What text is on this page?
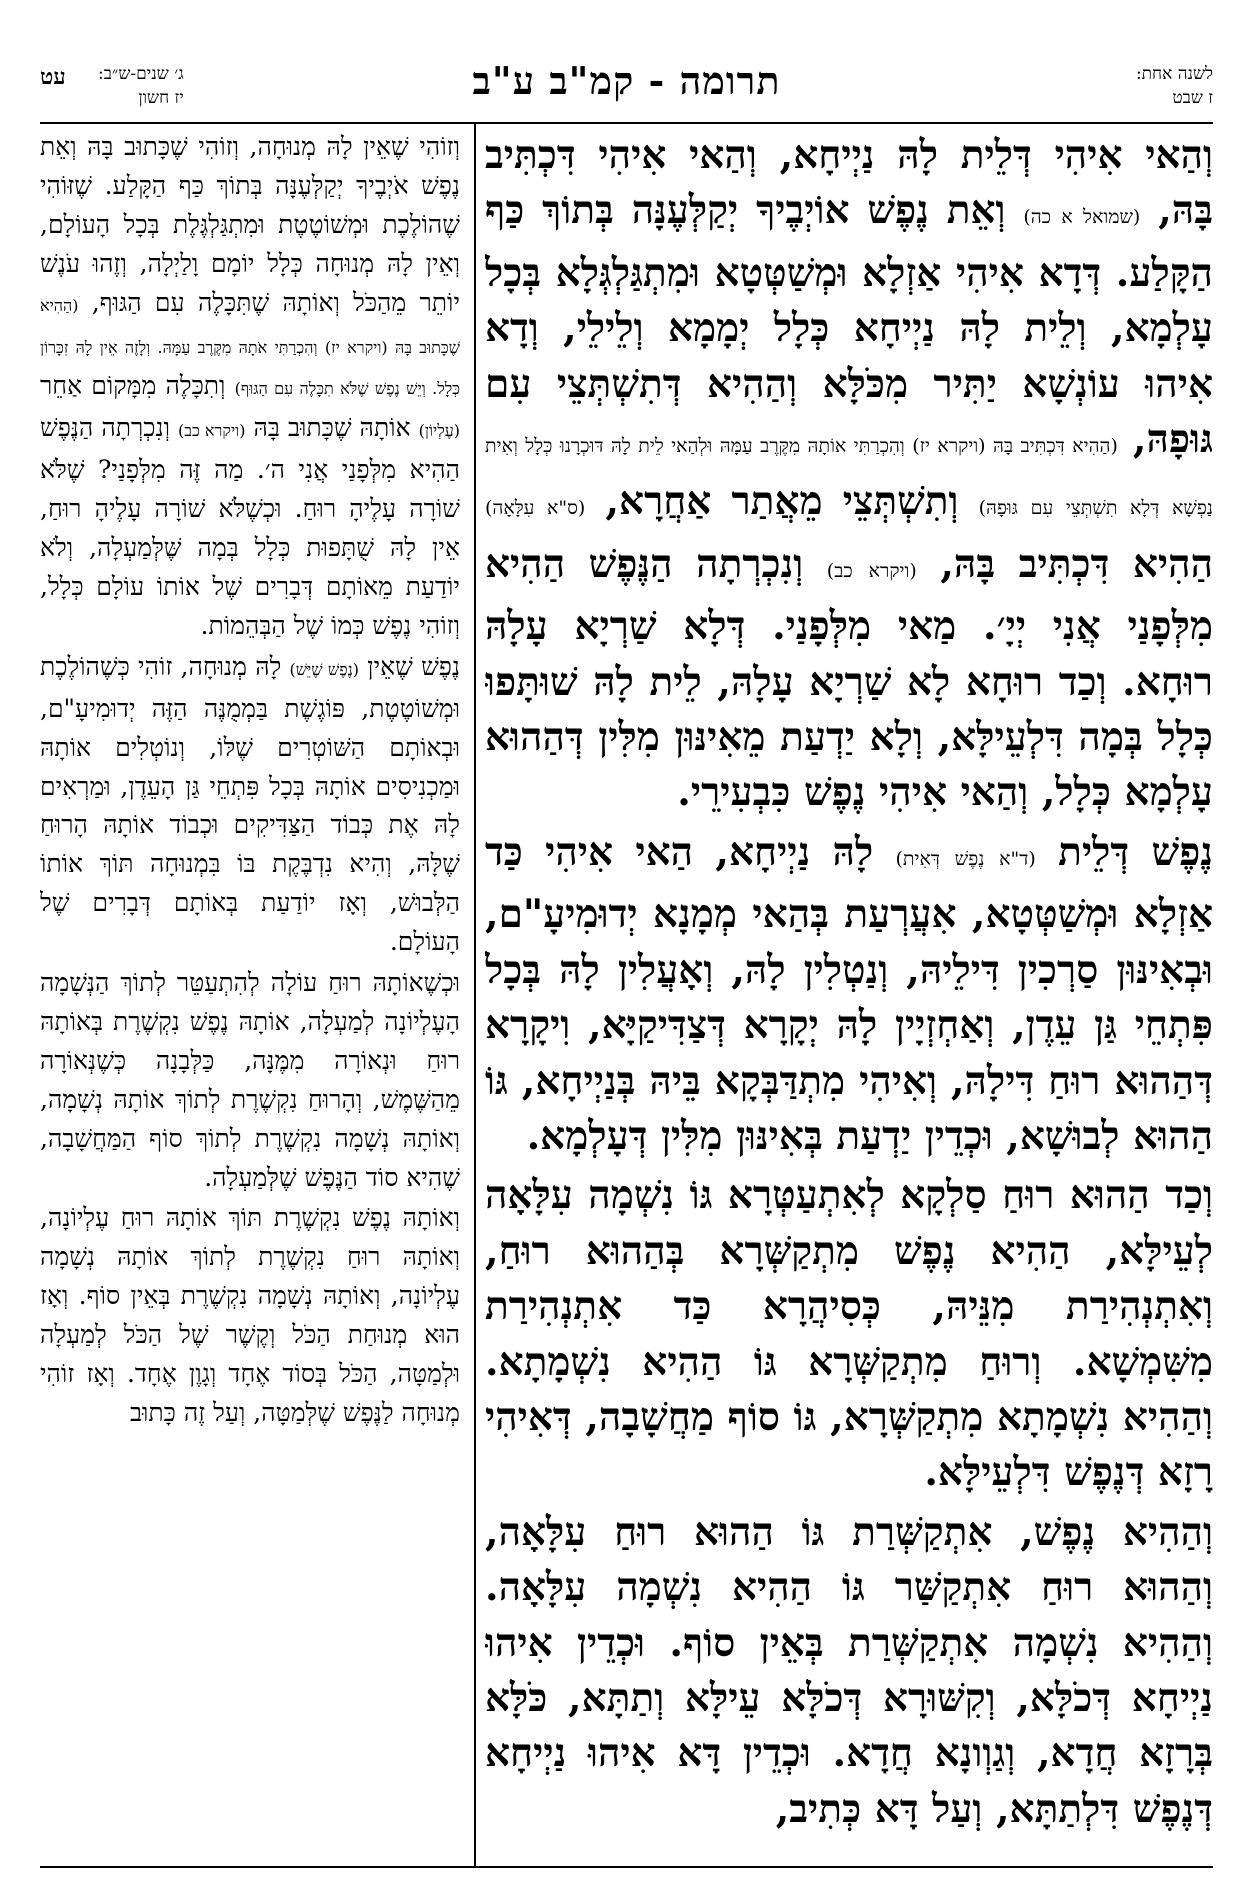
לשנה אחת:
ז שבט
תרומה - קמ"ב ע"ב
ג׳ שנים-ש״ב:
יז חשון
עט

וְהַאי אִיהִי דְּלֵית לָהּ נַיְיחָא, וְהַאי אִיהִי דִּכְתִּיב בָּהּ, (שמואל א כה) וְאֵת נֶפֶשׁ אוֹיְבֶיךָ יְקַלְּעֶנָּה בְּתוֹךְ כַּף הַקָּלַע. דְּדָא אִיהִי אַזְלָא וּמְשַׁטְּטָא וּמִתְגַּלְגְּלָא בְּכָל עָלְמָא, וְלֵית לָהּ נַיְיחָא כְּלָל יְמָמָא וְלֵילֵי, וְדָא אִיהוּ עוֹנְשָׁא יַתִּיר מִכֹּלָּא וְהַהִיא דְּתִשְׁתְּצֵי עִם גּוּפָהּ, (הַהִיא דִּכְתִּיב בָּהּ (ויקרא יז) וְהִכְרַתִּי אוֹתָהּ מִקֶּרֶב עַמָּהּ וּלְהַאי לֵית לָהּ דּוּכְרָנוּ כְּלָל וְאִית נַפְשָׁא דְּלָא תִשְׁתְּצֵי עִם גּוּפָהּ) וְתִשְׁתְּצֵי מֵאֲתַר אַחֲרָא, (ס"א עִלָּאָה) הַהִיא דִּכְתִּיב בָּהּ, (ויקרא כב) וְנִכְרְתָה הַנֶּפֶשׁ הַהִיא מִלְּפָנַי אֲנִי יְיָ׳. מַאי מִלְּפָנַי. דְּלָא שַׁרְיָא עָלָהּ רוּחָא. וְכַד רוּחָא לָא שַׁרְיָא עָלָהּ, לֵית לָהּ שׁוּתָּפוּ כְּלָל בְּמָה דִּלְעֵילָּא, וְלָא יַדְעַת מֵאִינּוּן מִלִּין דְּהַהוּא עָלְמָא כְּלָל, וְהַאי אִיהִי נֶפֶשׁ כִּבְעִירֵי.

נֶפֶשׁ דְּלֵית (ד"א נֶפֶשׁ דְּאִית) לָהּ נַיְיחָא, הַאי אִיהִי כַּד אַזְלָא וּמְשַׁטְּטָא, אִעֲרְעַת בְּהַאי מְמָנָא יְדוּמִיעָ"ם, וּבְאִינּוּן סַרְכִין דִּילֵיהּ, וְנַטְלִין לָהּ, וְאָעֲלִין לָהּ בְּכָל פִּתְחֵי גַּן עֵדֶן, וְאַחְזְיָין לָהּ יְקָרָא דְּצַדִּיקַיָּא, וִיקָרָא דְּהַהוּא רוּחַ דִּילָהּ, וְאִיהִי מִתְדַּבְּקָא בֵּיהּ בְּנַיְיחָא, גּוֹ הַהוּא לְבוּשָׁא, וּכְדֵין יַדְעַת בְּאִינּוּן מִלִּין דְּעָלְמָא.

וְכַד הַהוּא רוּחַ סַלְקָא לְאִתְעַטְּרָא גּוֹ נִשְׁמָה עִלָּאָה לְעֵילָּא, הַהִיא נֶפֶשׁ מִתְקַשְּׁרָא בְּהַהוּא רוּחַ, וְאִתְנְהִירַת מִנֵּיהּ, כְּסִיהֲרָא כַּד אִתְנְהִירַת מִשִּׁמְשָׁא. וְרוּחַ מִתְקַשְּׁרָא גּוֹ הַהִיא נִשְׁמָתָא. וְהַהִיא נִשְׁמָתָא מִתְקַשְּׁרָא, גּוֹ סוֹף מַחֲשָׁבָה, דְּאִיהִי רָזָא דְּנֶפֶשׁ דִּלְעֵילָּא.

וְהַהִיא נֶפֶשׁ, אִתְקַשְּׁרַת גּוֹ הַהוּא רוּחַ עִלָּאָה, וְהַהוּא רוּחַ אִתְקַשַּׁר גּוֹ הַהִיא נִשְׁמָה עִלָּאָה. וְהַהִיא נִשְׁמָה אִתְקַשְּׁרַת בְּאֵין סוֹף. וּכְדֵין אִיהוּ נַיְיחָא דְּכֹלָּא, וְקִשּׁוּרָא דְּכֹלָּא עֵילָּא וְתַתָּא, כֹּלָּא בְּרָזָא חֲדָא, וְגַוְונָא חֲדָא. וּכְדֵין דָּא אִיהוּ נַיְיחָא דְּנֶפֶשׁ דִּלְתַתָּא, וְעַל דָּא כְּתִיב,

וְזוֹהִי שֶׁאֵין לָהּ מְנוּחָה, וְזוֹהִי שֶׁכָּתוּב בָּהּ וְאֵת נֶפֶשׁ אֹיְבֶיךָ יְקַלְּעֶנָּה בְּתוֹךְ כַּף הַקָּלַע. שֶׁזּוֹהִי שֶׁהוֹלֶכֶת וּמְשׁוֹטֶטֶת וּמִתְגַּלְגֶּלֶת בְּכָל הָעוֹלָם, וְאֵין לָהּ מְנוּחָה כְּלָל יוֹמָם וָלַיְלָה, וְזֶהוּ עֹנֶשׁ יוֹתֵר מֵהַכֹּל וְאוֹתָהּ שֶׁתִּכָּלֶה עִם הַגּוּף, (הַהִיא שֶׁכָּתוּב בָּהּ (ויקרא יז) וְהִכְרַתִּי אֹתָהּ מִקֶּרֶב עַמָּהּ. וְלָזֶה אֵין לָהּ זִכָּרוֹן כְּלָל. וְיֵשׁ נֶפֶשׁ שֶׁלֹּא תִכָּלֶה עִם הַגּוּף) וְתִכָּלֶה מִמָּקוֹם אַחֵר (עֶלְיוֹן) אוֹתָהּ שֶׁכָּתוּב בָּהּ (ויקרא כב) וְנִכְרְתָה הַנֶּפֶשׁ הַהִיא מִלְּפָנַי אֲנִי ה׳. מַה זֶּה מִלְּפָנַי? שֶׁלֹּא שׁוֹרָה עָלֶיהָ רוּחַ. וּכְשֶׁלֹּא שׁוֹרָה עָלֶיהָ רוּחַ, אֵין לָהּ שֻׁתָּפוּת כְּלָל בְּמָה שֶּׁלְּמַעְלָה, וְלֹא יוֹדַעַת מֵאוֹתָם דְּבָרִים שֶׁל אוֹתוֹ עוֹלָם כְּלָל, וְזוֹהִי נֶפֶשׁ כְּמוֹ שֶׁל הַבְּהֵמוֹת.

נֶפֶשׁ שֶׁאֵין (נֶפֶשׁ שֶׁיֵּשׁ) לָהּ מְנוּחָה, זוֹהִי כְּשֶׁהוֹלֶכֶת וּמְשׁוֹטֶטֶת, פּוֹגֶשֶׁת בַּמְמֻנֶּה הַזֶּה יְדוּמִיעָ"ם, וּבְאוֹתָם הַשּׁוֹטְרִים שֶׁלּוֹ, וְנוֹטְלִים אוֹתָהּ וּמַכְנִיסִים אוֹתָהּ בְּכָל פִּתְחֵי גַּן הָעֵדֶן, וּמַרְאִים לָהּ אֶת כְּבוֹד הַצַּדִּיקִים וּכְבוֹד אוֹתָהּ הָרוּחַ שֶׁלָּהּ, וְהִיא נִדְבֶּקֶת בּוֹ בִּמְנוּחָה תּוֹךְ אוֹתוֹ הַלְּבוּשׁ, וְאָז יוֹדַעַת בְּאוֹתָם דְּבָרִים שֶׁל הָעוֹלָם.

וּכְשֶׁאוֹתָהּ רוּחַ עוֹלָה לְהִתְעַטֵּר לְתוֹךְ הַנְּשָׁמָה הָעֶלְיוֹנָה לְמַעְלָה, אוֹתָהּ נֶפֶשׁ נִקְשֶׁרֶת בְּאוֹתָהּ רוּחַ וּנְאוֹרָה מִמֶּנָּה, כַּלְּבָנָה כְּשֶׁנְּאוֹרָה מֵהַשֶּׁמֶשׁ, וְהָרוּחַ נִקְשֶׁרֶת לְתוֹךְ אוֹתָהּ נְשָׁמָה, וְאוֹתָהּ נְשָׁמָה נִקְשֶׁרֶת לְתוֹךְ סוֹף הַמַּחֲשָׁבָה, שֶׁהִיא סוֹד הַנֶּפֶשׁ שֶׁלְּמַעְלָה.

וְאוֹתָהּ נֶפֶשׁ נִקְשֶׁרֶת תּוֹךְ אוֹתָהּ רוּחַ עֶלְיוֹנָה, וְאוֹתָהּ רוּחַ נִקְשֶׁרֶת לְתוֹךְ אוֹתָהּ נְשָׁמָה עֶלְיוֹנָה, וְאוֹתָהּ נְשָׁמָה נִקְשֶׁרֶת בְּאֵין סוֹף. וְאָז הוּא מְנוּחַת הַכֹּל וְקֶשֶׁר שֶׁל הַכֹּל לְמַעְלָה וּלְמַטָּה, הַכֹּל בְּסוֹד אֶחָד וְגָוֶן אֶחָד. וְאָז זוֹהִי מְנוּחָה לַנֶּפֶשׁ שֶׁלְּמַטָּה, וְעַל זֶה כָּתוּב
